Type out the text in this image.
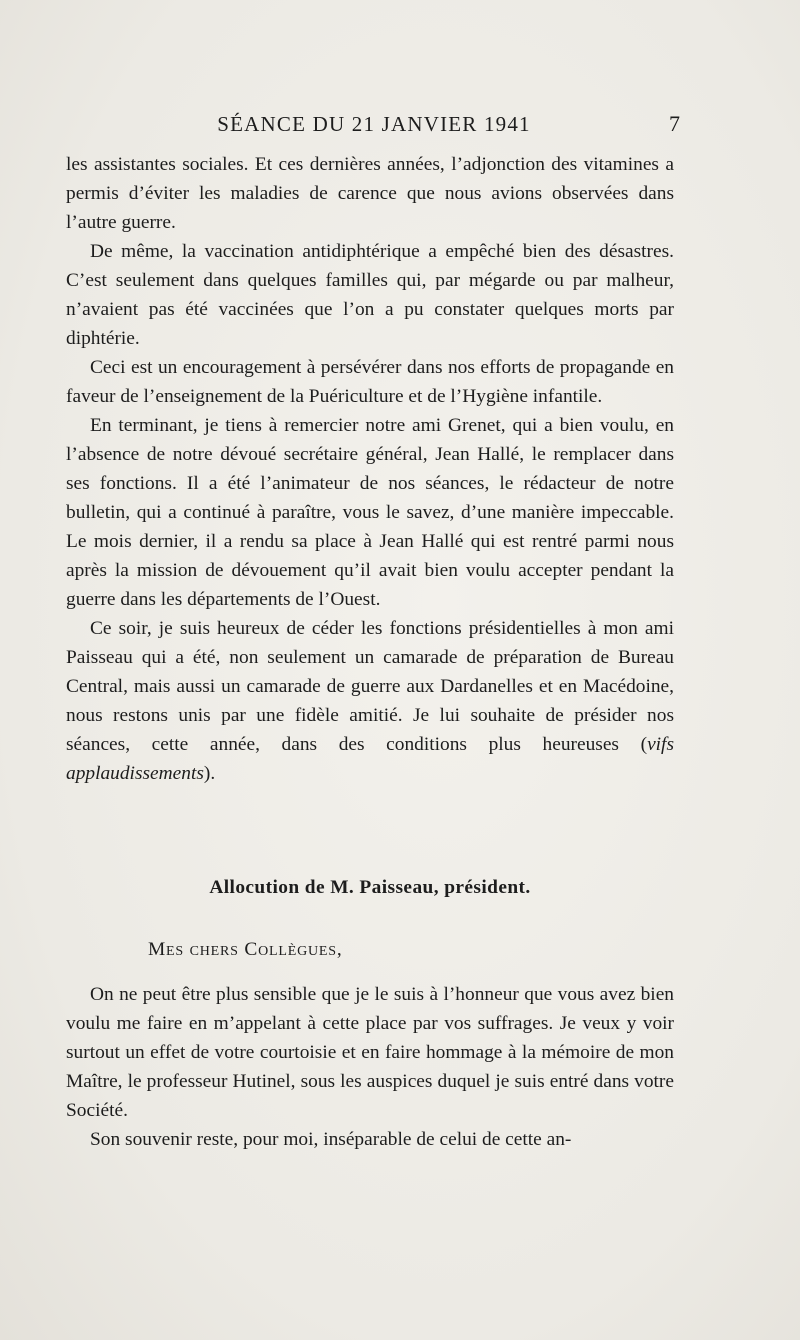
SÉANCE DU 21 JANVIER 1941	7

les assistantes sociales. Et ces dernières années, l’adjonction des vitamines a permis d’éviter les maladies de carence que nous avions observées dans l’autre guerre.

De même, la vaccination antidiphtérique a empêché bien des désastres. C’est seulement dans quelques familles qui, par mégarde ou par malheur, n’avaient pas été vaccinées que l’on a pu constater quelques morts par diphtérie.

Ceci est un encouragement à persévérer dans nos efforts de propagande en faveur de l’enseignement de la Puériculture et de l’Hygiène infantile.

En terminant, je tiens à remercier notre ami Grenet, qui a bien voulu, en l’absence de notre dévoué secrétaire général, Jean Hallé, le remplacer dans ses fonctions. Il a été l’animateur de nos séances, le rédacteur de notre bulletin, qui a continué à paraître, vous le savez, d’une manière impeccable. Le mois dernier, il a rendu sa place à Jean Hallé qui est rentré parmi nous après la mission de dévouement qu’il avait bien voulu accepter pendant la guerre dans les départements de l’Ouest.

Ce soir, je suis heureux de céder les fonctions présidentielles à mon ami Paisseau qui a été, non seulement un camarade de préparation de Bureau Central, mais aussi un camarade de guerre aux Dardanelles et en Macédoine, nous restons unis par une fidèle amitié. Je lui souhaite de présider nos séances, cette année, dans des conditions plus heureuses (vifs applaudissements).

Allocution de M. Paisseau, président.
Mes chers Collègues,

On ne peut être plus sensible que je le suis à l’honneur que vous avez bien voulu me faire en m’appelant à cette place par vos suffrages. Je veux y voir surtout un effet de votre courtoisie et en faire hommage à la mémoire de mon Maître, le professeur Hutinel, sous les auspices duquel je suis entré dans votre Société.

Son souvenir reste, pour moi, inséparable de celui de cette an-
